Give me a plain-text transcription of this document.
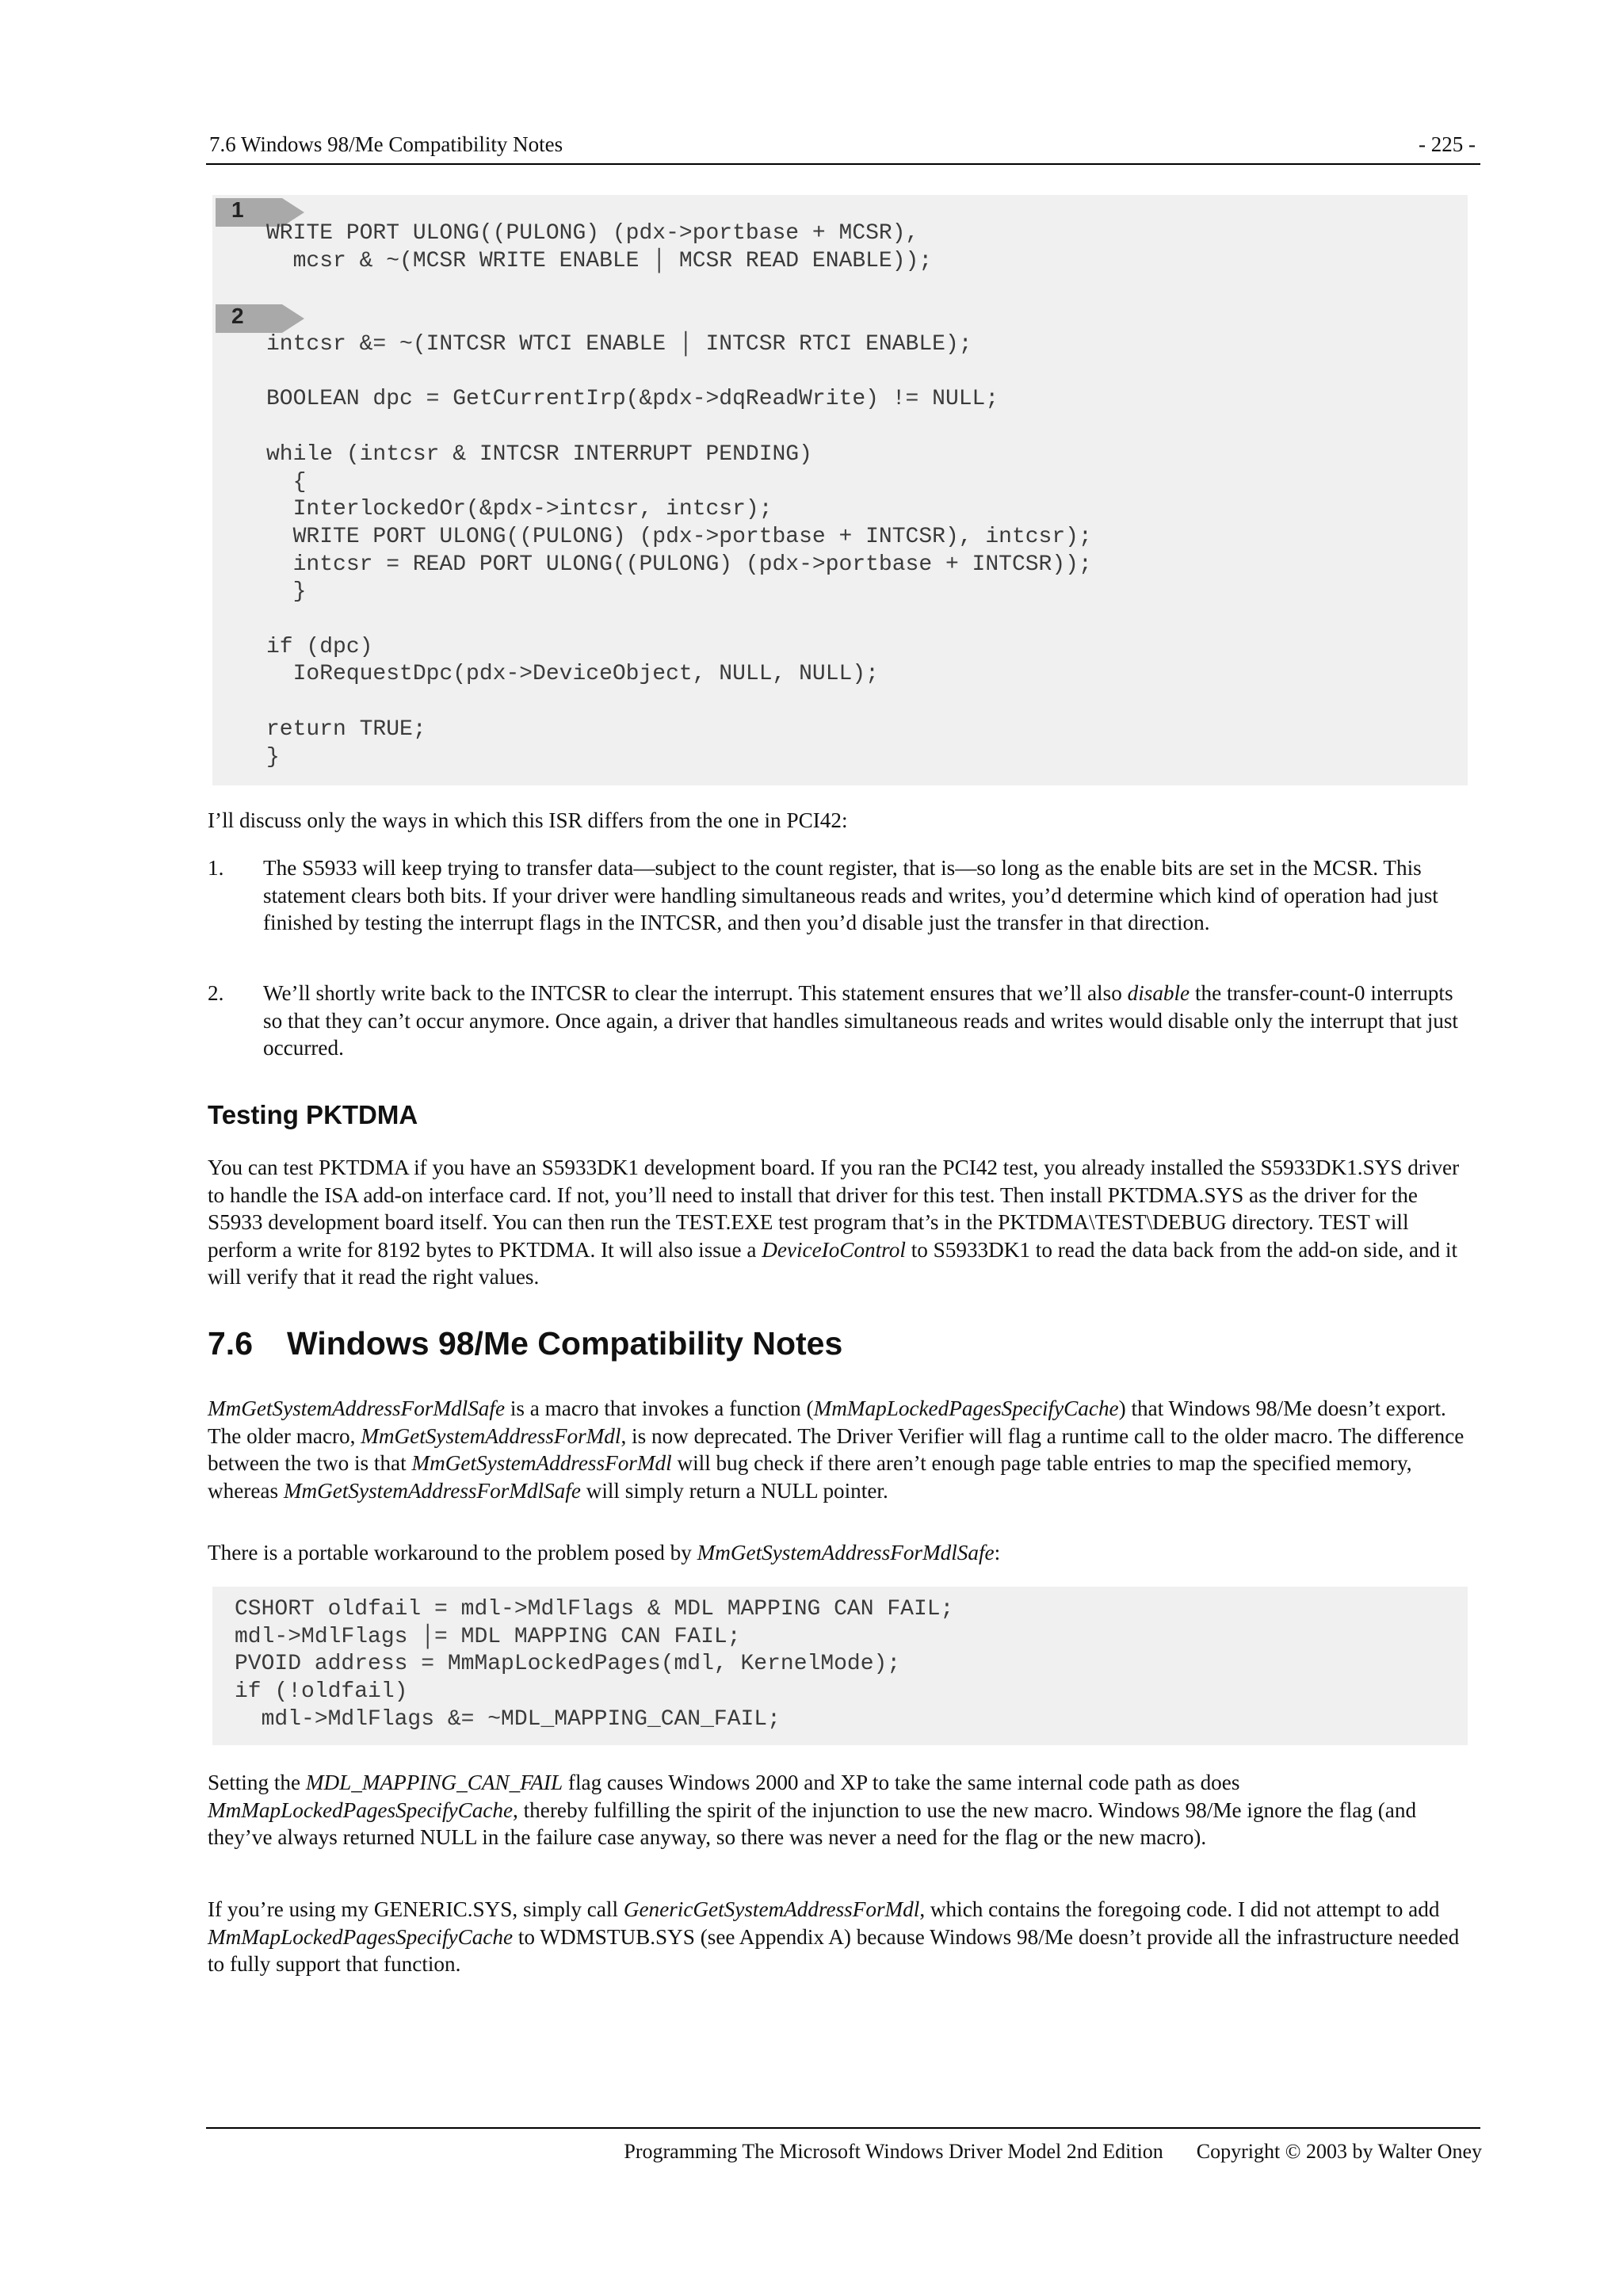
7.6 Windows 98/Me Compatibility Notes	- 225 -
1
WRITE PORT ULONG((PULONG) (pdx->portbase + MCSR),
mcsr & ~(MCSR WRITE ENABLE │ MCSR READ ENABLE));
2
intcsr &= ~(INTCSR WTCI ENABLE │ INTCSR RTCI ENABLE);

BOOLEAN dpc = GetCurrentIrp(&pdx->dqReadWrite) != NULL;

while (intcsr & INTCSR INTERRUPT PENDING)
{
InterlockedOr(&pdx->intcsr, intcsr);
WRITE PORT ULONG((PULONG) (pdx->portbase + INTCSR), intcsr);
intcsr = READ PORT ULONG((PULONG) (pdx->portbase + INTCSR));
}

if (dpc)
IoRequestDpc(pdx->DeviceObject, NULL, NULL);

return TRUE;
}

I’ll discuss only the ways in which this ISR differs from the one in PCI42:

1. The S5933 will keep trying to transfer data—subject to the count register, that is—so long as the enable bits are set in the MCSR. This statement clears both bits. If your driver were handling simultaneous reads and writes, you’d determine which kind of operation had just finished by testing the interrupt flags in the INTCSR, and then you’d disable just the transfer in that direction.
2. We’ll shortly write back to the INTCSR to clear the interrupt. This statement ensures that we’ll also disable the transfer-count-0 interrupts so that they can’t occur anymore. Once again, a driver that handles simultaneous reads and writes would disable only the interrupt that just occurred.
Testing PKTDMA

You can test PKTDMA if you have an S5933DK1 development board. If you ran the PCI42 test, you already installed the S5933DK1.SYS driver to handle the ISA add-on interface card. If not, you’ll need to install that driver for this test. Then install PKTDMA.SYS as the driver for the S5933 development board itself. You can then run the TEST.EXE test program that’s in the PKTDMA\TEST\DEBUG directory. TEST will perform a write for 8192 bytes to PKTDMA. It will also issue a DeviceIoControl to S5933DK1 to read the data back from the add-on side, and it will verify that it read the right values.

7.6 Windows 98/Me Compatibility Notes

MmGetSystemAddressForMdlSafe is a macro that invokes a function (MmMapLockedPagesSpecifyCache) that Windows 98/Me doesn’t export. The older macro, MmGetSystemAddressForMdl, is now deprecated. The Driver Verifier will flag a runtime call to the older macro. The difference between the two is that MmGetSystemAddressForMdl will bug check if there aren’t enough page table entries to map the specified memory, whereas MmGetSystemAddressForMdlSafe will simply return a NULL pointer.

There is a portable workaround to the problem posed by MmGetSystemAddressForMdlSafe:

CSHORT oldfail = mdl->MdlFlags & MDL MAPPING CAN FAIL;
mdl->MdlFlags │= MDL MAPPING CAN FAIL;
PVOID address = MmMapLockedPages(mdl, KernelMode);
if (!oldfail)
mdl->MdlFlags &= ~MDL_MAPPING_CAN_FAIL;

Setting the MDL_MAPPING_CAN_FAIL flag causes Windows 2000 and XP to take the same internal code path as does MmMapLockedPagesSpecifyCache, thereby fulfilling the spirit of the injunction to use the new macro. Windows 98/Me ignore the flag (and they’ve always returned NULL in the failure case anyway, so there was never a need for the flag or the new macro).

If you’re using my GENERIC.SYS, simply call GenericGetSystemAddressForMdl, which contains the foregoing code. I did not attempt to add MmMapLockedPagesSpecifyCache to WDMSTUB.SYS (see Appendix A) because Windows 98/Me doesn’t provide all the infrastructure needed to fully support that function.

Programming The Microsoft Windows Driver Model 2nd Edition Copyright © 2003 by Walter Oney
